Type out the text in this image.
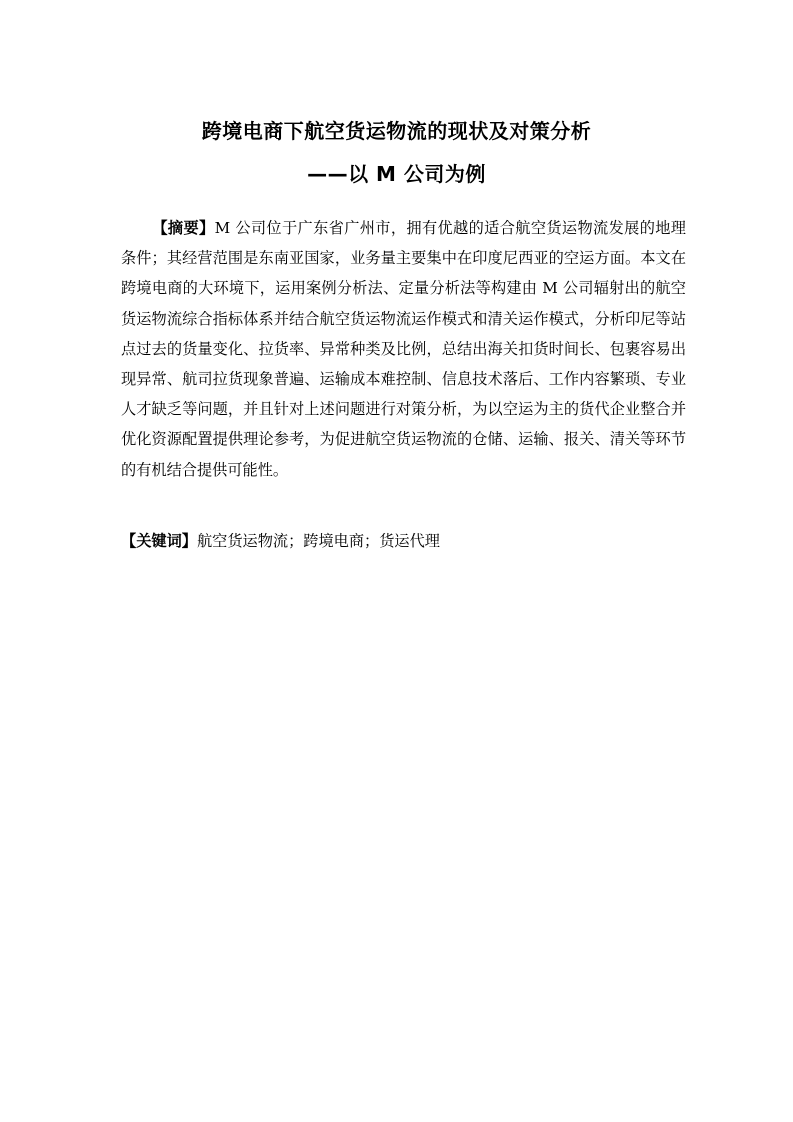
跨境电商下航空货运物流的现状及对策分析
——以 M 公司为例

【摘要】M 公司位于广东省广州市，拥有优越的适合航空货运物流发展的地理条件；其经营范围是东南亚国家，业务量主要集中在印度尼西亚的空运方面。本文在跨境电商的大环境下，运用案例分析法、定量分析法等构建由 M 公司辐射出的航空货运物流综合指标体系并结合航空货运物流运作模式和清关运作模式，分析印尼等站点过去的货量变化、拉货率、异常种类及比例，总结出海关扣货时间长、包裹容易出现异常、航司拉货现象普遍、运输成本难控制、信息技术落后、工作内容繁琐、专业人才缺乏等问题，并且针对上述问题进行对策分析，为以空运为主的货代企业整合并优化资源配置提供理论参考，为促进航空货运物流的仓储、运输、报关、清关等环节的有机结合提供可能性。

【关键词】航空货运物流；跨境电商；货运代理
